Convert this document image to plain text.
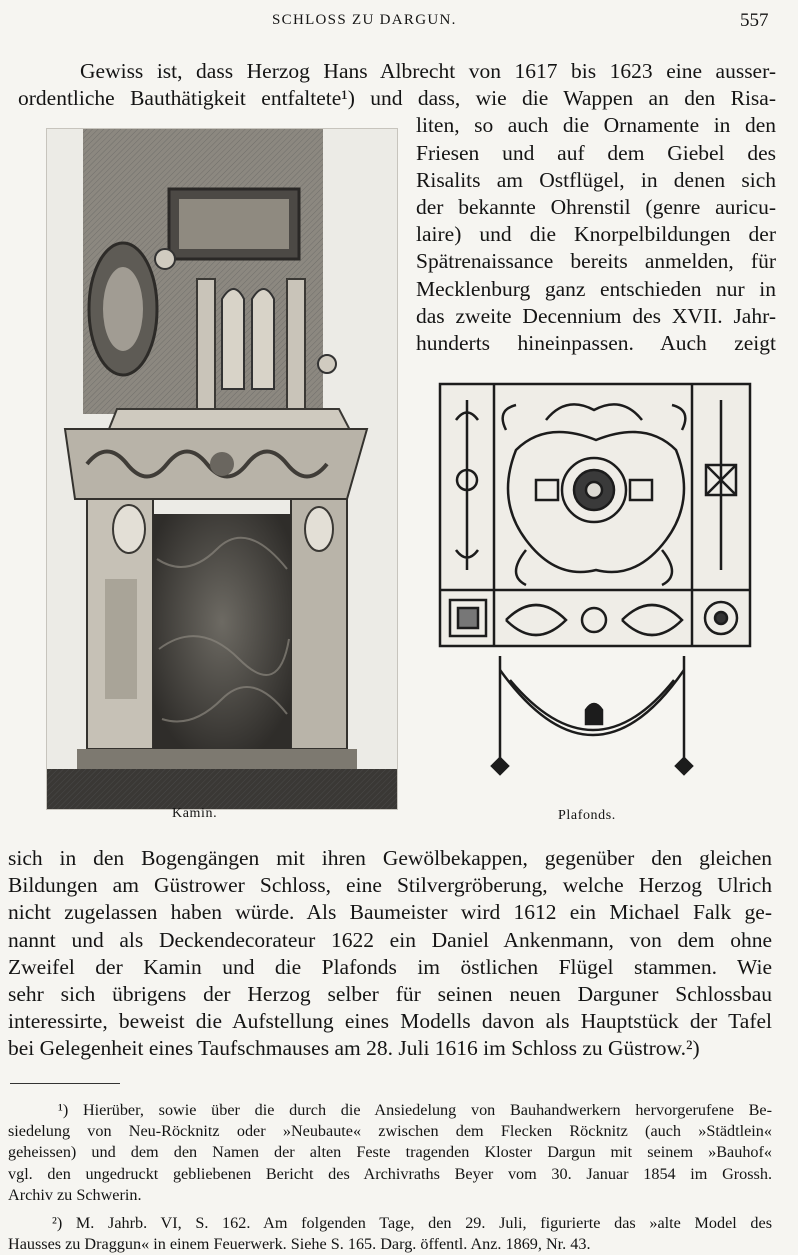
SCHLOSS ZU DARGUN.	557
Gewiss ist, dass Herzog Hans Albrecht von 1617 bis 1623 eine ausser-
ordentliche Bauthätigkeit entfaltete¹) und dass, wie die Wappen an den Risa-
liten, so auch die Ornamente in den
Friesen und auf dem Giebel des
Risalits am Ostflügel, in denen sich
der bekannte Ohrenstil (genre auricu-
laire) und die Knorpelbildungen der
Spätrenaissance bereits anmelden, für
Mecklenburg ganz entschieden nur in
das zweite Decennium des XVII. Jahr-
hunderts hineinpassen. Auch zeigt
Kamin.	Plafonds.
sich in den Bogengängen mit ihren Gewölbekappen, gegenüber den gleichen
Bildungen am Güstrower Schloss, eine Stilvergröberung, welche Herzog Ulrich
nicht zugelassen haben würde. Als Baumeister wird 1612 ein Michael Falk ge-
nannt und als Deckendecorateur 1622 ein Daniel Ankenmann, von dem ohne
Zweifel der Kamin und die Plafonds im östlichen Flügel stammen. Wie
sehr sich übrigens der Herzog selber für seinen neuen Darguner Schlossbau
interessirte, beweist die Aufstellung eines Modells davon als Hauptstück der Tafel
bei Gelegenheit eines Taufschmauses am 28. Juli 1616 im Schloss zu Güstrow.²)
¹) Hierüber, sowie über die durch die Ansiedelung von Bauhandwerkern hervorgerufene Be-
siedelung von Neu-Röcknitz oder »Neubaute« zwischen dem Flecken Röcknitz (auch »Städtlein«
geheissen) und dem den Namen der alten Feste tragenden Kloster Dargun mit seinem »Bauhof«
vgl. den ungedruckt gebliebenen Bericht des Archivraths Beyer vom 30. Januar 1854 im Grossh.
Archiv zu Schwerin.
²) M. Jahrb. VI, S. 162. Am folgenden Tage, den 29. Juli, figurierte das »alte Model des
Hausses zu Draggun« in einem Feuerwerk. Siehe S. 165. Darg. öffentl. Anz. 1869, Nr. 43.
